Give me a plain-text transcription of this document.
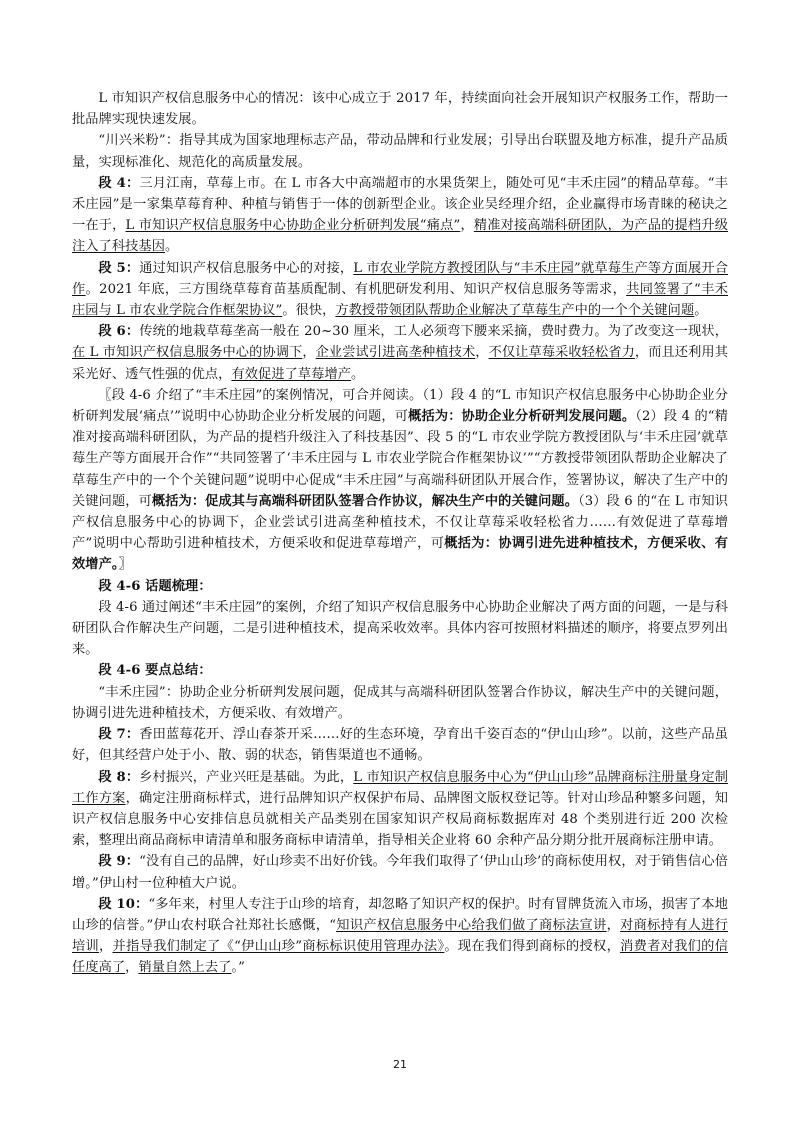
L 市知识产权信息服务中心的情况：该中心成立于 2017 年，持续面向社会开展知识产权服务工作，帮助一批品牌实现快速发展。

“川兴米粉”：指导其成为国家地理标志产品，带动品牌和行业发展；引导出台联盟及地方标准，提升产品质量，实现标准化、规范化的高质量发展。

段 4：三月江南，草莓上市。在 L 市各大中高端超市的水果货架上，随处可见“丰禾庄园”的精品草莓。“丰禾庄园”是一家集草莓育种、种植与销售于一体的创新型企业。该企业吴经理介绍，企业赢得市场青睐的秘诀之一在于，L 市知识产权信息服务中心协助企业分析研判发展“痛点”，精准对接高端科研团队，为产品的提档升级注入了科技基因。

段 5：通过知识产权信息服务中心的对接，L 市农业学院方教授团队与“丰禾庄园”就草莓生产等方面展开合作。2021 年底，三方围绕草莓育苗基质配制、有机肥研发利用、知识产权信息服务等需求，共同签署了“丰禾庄园与 L 市农业学院合作框架协议”。很快，方教授带领团队帮助企业解决了草莓生产中的一个个关键问题。

段 6：传统的地栽草莓垄高一般在 20~30 厘米，工人必须弯下腰来采摘，费时费力。为了改变这一现状，在 L 市知识产权信息服务中心的协调下，企业尝试引进高垄种植技术，不仅让草莓采收轻松省力，而且还利用其采光好、透气性强的优点，有效促进了草莓增产。

〖段 4-6 介绍了“丰禾庄园”的案例情况，可合并阅读。（1）段 4 的“L 市知识产权信息服务中心协助企业分析研判发展‘痛点’”说明中心协助企业分析发展的问题，可概括为：协助企业分析研判发展问题。（2）段 4 的“精准对接高端科研团队，为产品的提档升级注入了科技基因”、段 5 的“L 市农业学院方教授团队与‘丰禾庄园’就草莓生产等方面展开合作”“共同签署了‘丰禾庄园与 L 市农业学院合作框架协议’”“方教授带领团队帮助企业解决了草莓生产中的一个个关键问题”说明中心促成“丰禾庄园”与高端科研团队开展合作，签署协议，解决了生产中的关键问题，可概括为：促成其与高端科研团队签署合作协议，解决生产中的关键问题。（3）段 6 的“在 L 市知识产权信息服务中心的协调下，企业尝试引进高垄种植技术，不仅让草莓采收轻松省力……有效促进了草莓增产”说明中心帮助引进种植技术，方便采收和促进草莓增产，可概括为：协调引进先进种植技术，方便采收、有效增产。〗

段 4-6 话题梳理：

段 4-6 通过阐述“丰禾庄园”的案例，介绍了知识产权信息服务中心协助企业解决了两方面的问题，一是与科研团队合作解决生产问题，二是引进种植技术，提高采收效率。具体内容可按照材料描述的顺序，将要点罗列出来。

段 4-6 要点总结：

“丰禾庄园”：协助企业分析研判发展问题，促成其与高端科研团队签署合作协议，解决生产中的关键问题，协调引进先进种植技术，方便采收、有效增产。

段 7：香田蓝莓花开、浮山春茶开采……好的生态环境，孕育出千姿百态的“伊山山珍”。以前，这些产品虽好，但其经营户处于小、散、弱的状态，销售渠道也不通畅。

段 8：乡村振兴，产业兴旺是基础。为此，L 市知识产权信息服务中心为“伊山山珍”品牌商标注册量身定制工作方案，确定注册商标样式，进行品牌知识产权保护布局、品牌图文版权登记等。针对山珍品种繁多问题，知识产权信息服务中心安排信息员就相关产品类别在国家知识产权局商标数据库对 48 个类别进行近 200 次检索，整理出商品商标申请清单和服务商标申请清单，指导相关企业将 60 余种产品分期分批开展商标注册申请。

段 9：“没有自己的品牌，好山珍卖不出好价钱。今年我们取得了‘伊山山珍’的商标使用权，对于销售信心倍增。”伊山村一位种植大户说。

段 10：“多年来，村里人专注于山珍的培育，却忽略了知识产权的保护。时有冒牌货流入市场，损害了本地山珍的信誉。”伊山农村联合社郑社长感慨，“知识产权信息服务中心给我们做了商标法宣讲，对商标持有人进行培训，并指导我们制定了《“伊山山珍”商标标识使用管理办法》。现在我们得到商标的授权，消费者对我们的信任度高了，销量自然上去了。”

21
